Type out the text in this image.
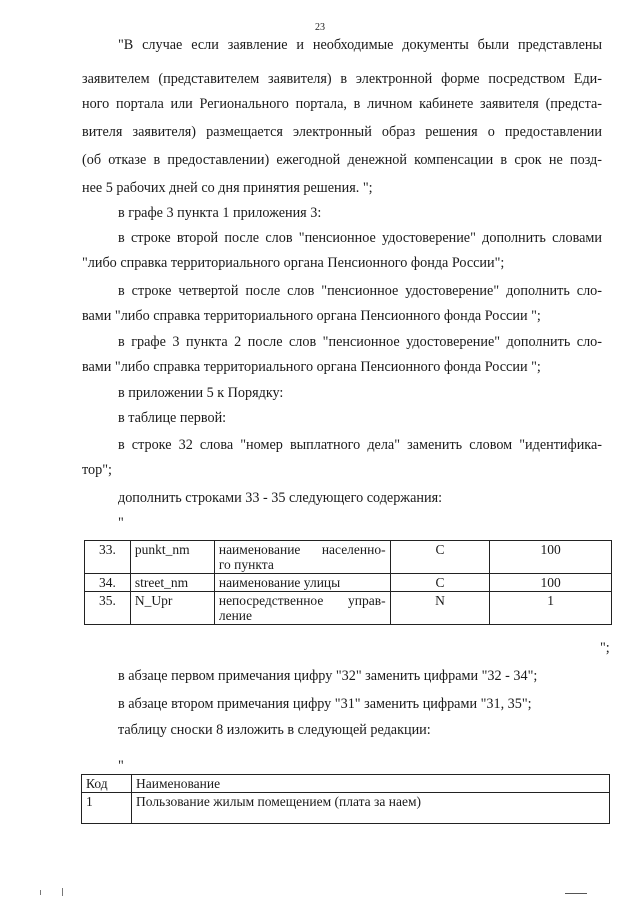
23
"В случае если заявление и необходимые документы были представлены
заявителем (представителем заявителя) в электронной форме посредством Еди-
ного портала или Регионального портала, в личном кабинете заявителя (предста-
вителя заявителя) размещается электронный образ решения о предоставлении
(об отказе в предоставлении) ежегодной денежной компенсации в срок не позд-
нее 5 рабочих дней со дня принятия решения. ";
в графе 3 пункта 1 приложения 3:
в строке второй после слов "пенсионное удостоверение" дополнить словами
"либо справка территориального органа Пенсионного фонда России";
в строке четвертой после слов "пенсионное удостоверение" дополнить сло-
вами "либо справка территориального органа Пенсионного фонда России ";
в графе 3 пункта 2 после слов "пенсионное удостоверение" дополнить сло-
вами "либо справка территориального органа Пенсионного фонда России ";
в приложении 5 к Порядку:
в таблице первой:
в строке 32 слова "номер выплатного дела" заменить словом "идентифика-
тор";
дополнить строками 33 - 35 следующего содержания:
"
33.	punkt_nm	наименование населенно-
го пункта	C	100
34.	street_nm	наименование улицы	C	100
35.	N_Upr	непосредственное управ-
ление	N	1
";
в абзаце первом примечания цифру "32" заменить цифрами "32 - 34";
в абзаце втором примечания цифру "31" заменить цифрами "31, 35";
таблицу сноски 8 изложить в следующей редакции:
"
Код	Наименование
1	Пользование жилым помещением (плата за наем)
